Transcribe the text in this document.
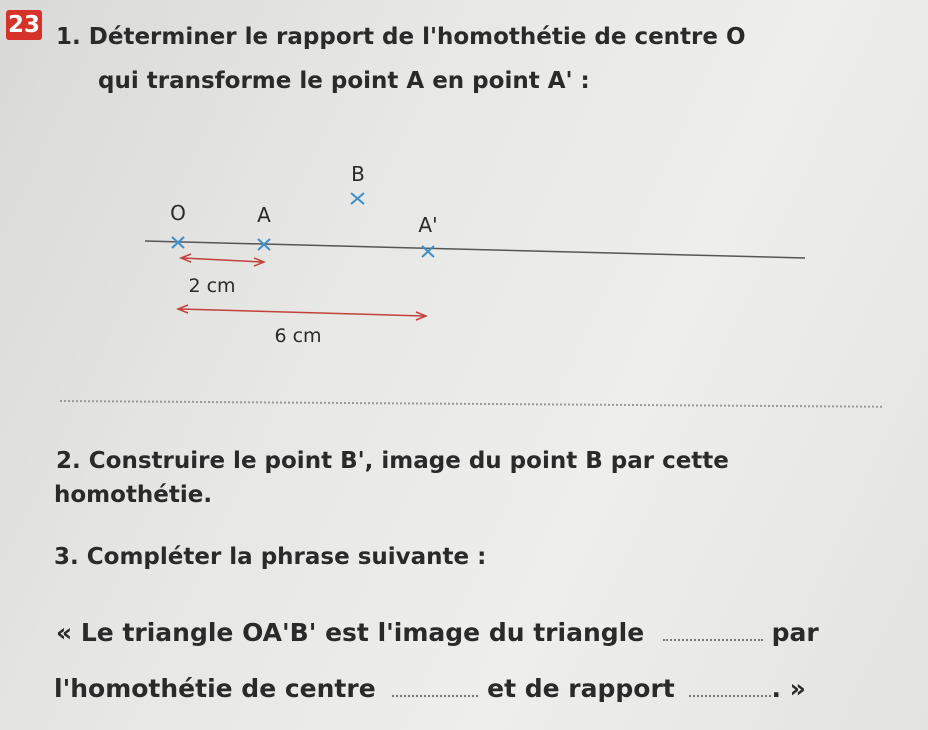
23 1. Déterminer le rapport de l'homothétie de centre O
qui transforme le point A en point A' :
O	A	A'
B
2 cm
6 cm
2. Construire le point B', image du point B par cette
homothétie.
3. Compléter la phrase suivante :
« Le triangle OA'B' est l'image du triangle	par
l'homothétie de centre	et de rapport	. »
